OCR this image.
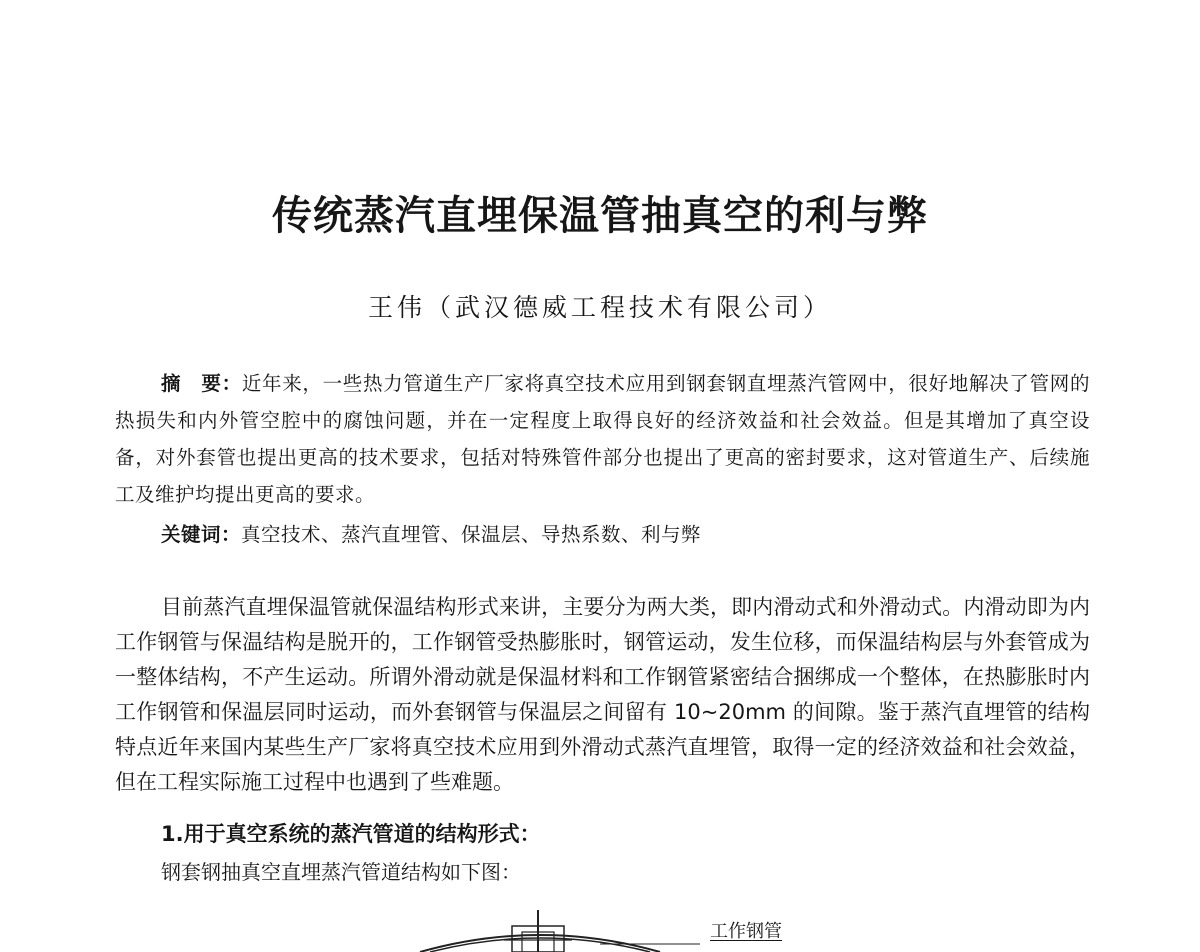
传统蒸汽直埋保温管抽真空的利与弊

王伟（武汉德威工程技术有限公司）

摘　要：近年来，一些热力管道生产厂家将真空技术应用到钢套钢直埋蒸汽管网中，很好地解决了管网的热损失和内外管空腔中的腐蚀问题，并在一定程度上取得良好的经济效益和社会效益。但是其增加了真空设备，对外套管也提出更高的技术要求，包括对特殊管件部分也提出了更高的密封要求，这对管道生产、后续施工及维护均提出更高的要求。

关键词：真空技术、蒸汽直埋管、保温层、导热系数、利与弊

目前蒸汽直埋保温管就保温结构形式来讲，主要分为两大类，即内滑动式和外滑动式。内滑动即为内工作钢管与保温结构是脱开的，工作钢管受热膨胀时，钢管运动，发生位移，而保温结构层与外套管成为一整体结构，不产生运动。所谓外滑动就是保温材料和工作钢管紧密结合捆绑成一个整体，在热膨胀时内工作钢管和保温层同时运动，而外套钢管与保温层之间留有 10~20mm 的间隙。鉴于蒸汽直埋管的结构特点近年来国内某些生产厂家将真空技术应用到外滑动式蒸汽直埋管，取得一定的经济效益和社会效益，但在工程实际施工过程中也遇到了些难题。

1.用于真空系统的蒸汽管道的结构形式：

钢套钢抽真空直埋蒸汽管道结构如下图：

工作钢管
